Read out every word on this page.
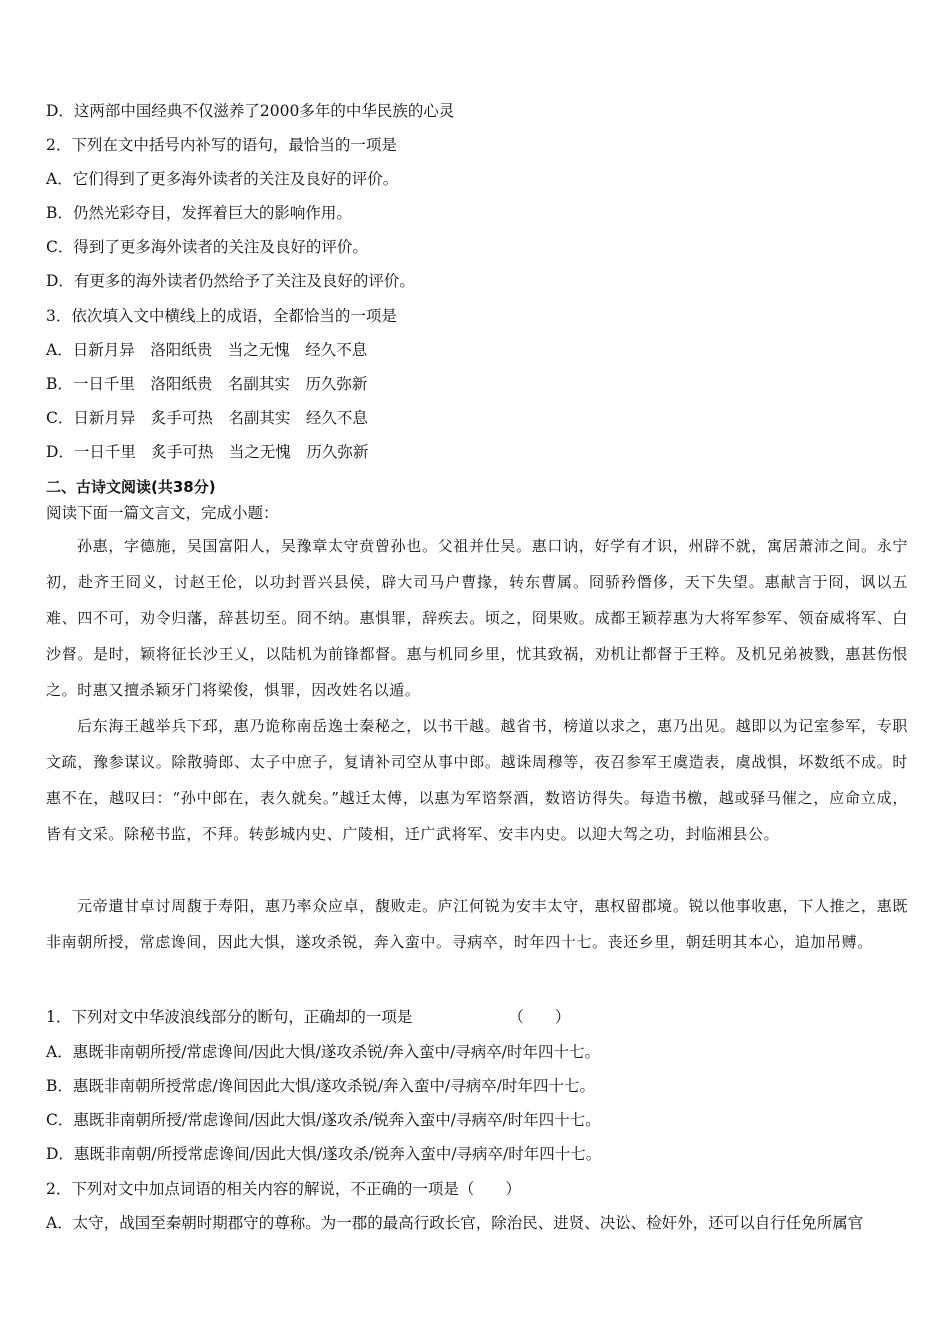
D．这两部中国经典不仅滋养了2000多年的中华民族的心灵
2．下列在文中括号内补写的语句，最恰当的一项是
A．它们得到了更多海外读者的关注及良好的评价。
B．仍然光彩夺目，发挥着巨大的影响作用。
C．得到了更多海外读者的关注及良好的评价。
D．有更多的海外读者仍然给予了关注及良好的评价。
3．依次填入文中横线上的成语，全都恰当的一项是
A．日新月异　洛阳纸贵　当之无愧　经久不息
B．一日千里　洛阳纸贵　名副其实　历久弥新
C．日新月异　炙手可热　名副其实　经久不息
D．一日千里　炙手可热　当之无愧　历久弥新
二、古诗文阅读(共38分)
阅读下面一篇文言文，完成小题：
孙惠，字德施，吴国富阳人，吴豫章太守贲曾孙也。父祖并仕吴。惠口讷，好学有才识，州辟不就，寓居萧沛之间。永宁初，赴齐王冏义，讨赵王伦，以功封晋兴县侯，辟大司马户曹掾，转东曹属。冏骄矜僭侈，天下失望。惠献言于冏，讽以五难、四不可，劝令归藩，辞甚切至。冏不纳。惠惧罪，辞疾去。顷之，冏果败。成都王颖荐惠为大将军参军、领奋威将军、白沙督。是时，颖将征长沙王乂，以陆机为前锋都督。惠与机同乡里，忧其致祸，劝机让都督于王粹。及机兄弟被戮，惠甚伤恨之。时惠又擅杀颖牙门将梁俊，惧罪，因改姓名以遁。
后东海王越举兵下邳，惠乃诡称南岳逸士秦秘之，以书干越。越省书，榜道以求之，惠乃出见。越即以为记室参军，专职文疏，豫参谋议。除散骑郎、太子中庶子，复请补司空从事中郎。越诛周穆等，夜召参军王虞造表，虞战惧，坏数纸不成。时惠不在，越叹曰：“孙中郎在，表久就矣。”越迁太傅，以惠为军谘祭酒，数谘访得失。每造书檄，越或驿马催之，应命立成，皆有文采。除秘书监，不拜。转彭城内史、广陵相，迁广武将军、安丰内史。以迎大驾之功，封临湘县公。
元帝遣甘卓讨周馥于寿阳，惠乃率众应卓，馥败走。庐江何锐为安丰太守，惠权留郡境。锐以他事收惠，下人推之，惠既非南朝所授，常虑谗间，因此大惧，遂攻杀锐，奔入蛮中。寻病卒，时年四十七。丧还乡里，朝廷明其本心，追加吊赙。
1．下列对文中华波浪线部分的断句，正确却的一项是	（　　）
A．惠既非南朝所授/常虑谗间/因此大惧/遂攻杀锐/奔入蛮中/寻病卒/时年四十七。
B．惠既非南朝所授常虑/谗间因此大惧/遂攻杀锐/奔入蛮中/寻病卒/时年四十七。
C．惠既非南朝所授/常虑谗间/因此大惧/遂攻杀/锐奔入蛮中/寻病卒/时年四十七。
D．惠既非南朝/所授常虑谗间/因此大惧/遂攻杀/锐奔入蛮中/寻病卒/时年四十七。
2．下列对文中加点词语的相关内容的解说，不正确的一项是（　　）
A．太守，战国至秦朝时期郡守的尊称。为一郡的最高行政长官，除治民、进贤、决讼、检奸外，还可以自行任免所属官
